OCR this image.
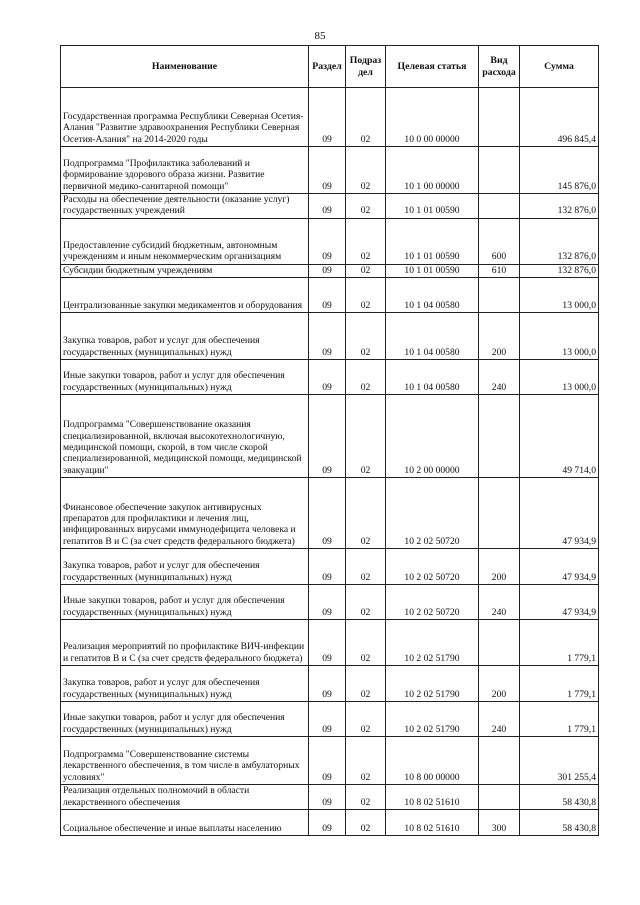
85
Наименование	Раздел	Подраз дел	Целевая статья	Вид расхода	Сумма
Государственная программа Республики Северная Осетия-Алания "Развитие здравоохранения Республики Северная Осетия-Алания" на 2014-2020 годы	09	02	10 0 00 00000		496 845,4
Подпрограмма "Профилактика заболеваний и формирование здорового образа жизни. Развитие первичной медико-санитарной помощи"	09	02	10 1 00 00000		145 876,0
Расходы на обеспечение деятельности (оказание услуг) государственных учреждений	09	02	10 1 01 00590		132 876,0
Предоставление субсидий бюджетным, автономным учреждениям и иным некоммерческим организациям	09	02	10 1 01 00590	600	132 876,0
Субсидии бюджетным учреждениям	09	02	10 1 01 00590	610	132 876,0
Централизованные закупки медикаментов и оборудования	09	02	10 1 04 00580		13 000,0
Закупка товаров, работ и услуг для обеспечения государственных (муниципальных) нужд	09	02	10 1 04 00580	200	13 000,0
Иные закупки товаров, работ и услуг для обеспечения государственных (муниципальных) нужд	09	02	10 1 04 00580	240	13 000,0
Подпрограмма "Совершенствование оказания специализированной, включая высокотехнологичную, медицинской помощи, скорой, в том числе скорой специализированной, медицинской помощи, медицинской эвакуации"	09	02	10 2 00 00000		49 714,0
Финансовое обеспечение закупок антивирусных препаратов для профилактики и лечения лиц, инфицированных вирусами иммунодефицита человека и гепатитов В и С (за счет средств федерального бюджета)	09	02	10 2 02 50720		47 934,9
Закупка товаров, работ и услуг для обеспечения государственных (муниципальных) нужд	09	02	10 2 02 50720	200	47 934,9
Иные закупки товаров, работ и услуг для обеспечения государственных (муниципальных) нужд	09	02	10 2 02 50720	240	47 934,9
Реализация мероприятий по профилактике ВИЧ-инфекции и гепатитов В и С (за счет средств федерального бюджета)	09	02	10 2 02 51790		1 779,1
Закупка товаров, работ и услуг для обеспечения государственных (муниципальных) нужд	09	02	10 2 02 51790	200	1 779,1
Иные закупки товаров, работ и услуг для обеспечения государственных (муниципальных) нужд	09	02	10 2 02 51790	240	1 779,1
Подпрограмма "Совершенствование системы лекарственного обеспечения, в том числе в амбулаторных условиях"	09	02	10 8 00 00000		301 255,4
Реализация отдельных полномочий в области лекарственного обеспечения	09	02	10 8 02 51610		58 430,8
Социальное обеспечение и иные выплаты населению	09	02	10 8 02 51610	300	58 430,8
